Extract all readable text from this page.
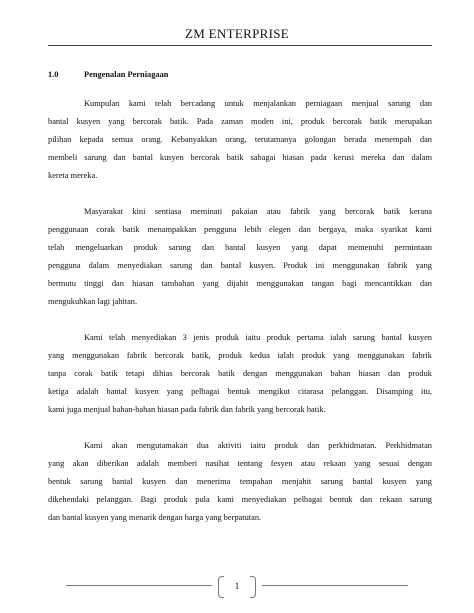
ZM ENTERPRISE
1.0	Pengenalan Perniagaan

Kumpulan kami telah bercadang untuk menjalankan perniagaan menjual sarung dan
bantal kusyen yang bercorak batik. Pada zaman moden ini, produk bercorak batik merupakan
pilihan kepada semua orang. Kebanyakkan orang, terutamanya golongan berada menempah dan
membeli sarung dan bantal kusyen bercorak batik sabagai hiasan pada kerusi mereka dan dalam
kereta mereka.

Masyarakat kini sentiasa meminati pakaian atau fabrik yang bercorak batik kerana
penggunaan corak batik menampakkan pengguna lebih elegen dan bergaya, maka syarikat kami
telah mengeluarkan produk sarung dan bantal kusyen yang dapat memenuhi permintaan
pengguna dalam menyediakan sarung dan bantal kusyen. Produk ini menggunakan fabrik yang
bermutu tinggi dan hiasan tambahan yang dijahit menggunakan tangan bagi mencantikkan dan
mengukuhkan lagi jahitan.

Kami telah menyediakan 3 jenis produk iaitu produk pertama ialah sarung bantal kusyen
yang menggunakan fabrik bercorak batik, produk kedua ialah produk yang menggunakan fabrik
tanpa corak batik tetapi dihias bercorak batik dengan menggunakan bahan hiasan dan produk
ketiga adalah bantal kusyen yang pelbagai bentuk mengikut citarasa pelanggan. Disamping itu,
kami juga menjual bahan-bahan hiasan pada fabrik dan fabrik yang bercorak batik.

Kami akan mengutamakan dua aktiviti iaitu produk dan perkhidmatan. Perkhidmatan
yang akan diberikan adalah memberi nasihat tentang fesyen atau rekaan yang sesuai dengan
bentuk sarung bantal kusyen dan menerima tempahan menjahit sarung bantal kusyen yang
dikehendaki pelanggan. Bagi produk pula kami menyediakan pelbagai bentuk dan rekaan sarung
dan bantal kusyen yang menarik dengan harga yang berpatutan.

1
